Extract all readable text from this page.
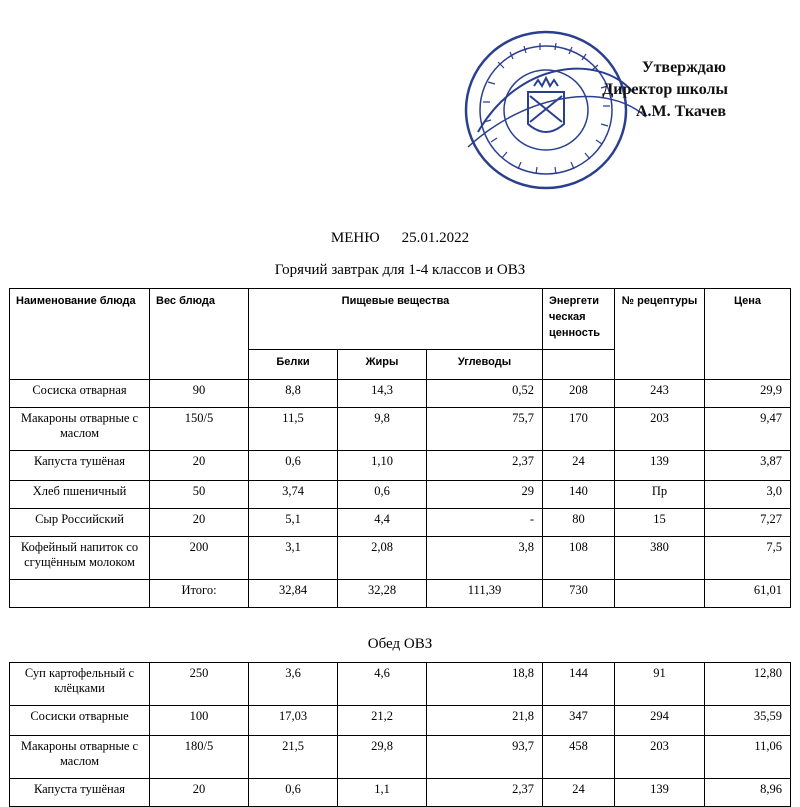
Утверждаю
Директор школы
А.М. Ткачев
МЕНЮ 25.01.2022
Горячий завтрак для 1-4 классов и ОВЗ
Наименование блюда	Вес блюда	Пищевые вещества			Энергети ческая ценность	№ рецептуры	Цена
		Белки	Жиры	Углеводы			
Сосиска отварная	90	8,8	14,3	0,52	208	243	29,9
Макароны отварные с маслом	150/5	11,5	9,8	75,7	170	203	9,47
Капуста тушёная	20	0,6	1,10	2,37	24	139	3,87
Хлеб пшеничный	50	3,74	0,6	29	140	Пр	3,0
Сыр Российский	20	5,1	4,4	-	80	15	7,27
Кофейный напиток со сгущённым молоком	200	3,1	2,08	3,8	108	380	7,5
	Итого:	32,84	32,28	111,39	730		61,01
Обед ОВЗ
Суп картофельный с клёцками	250	3,6	4,6	18,8	144	91	12,80
Сосиски отварные	100	17,03	21,2	21,8	347	294	35,59
Макароны отварные с маслом	180/5	21,5	29,8	93,7	458	203	11,06
Капуста тушёная	20	0,6	1,1	2,37	24	139	8,96
